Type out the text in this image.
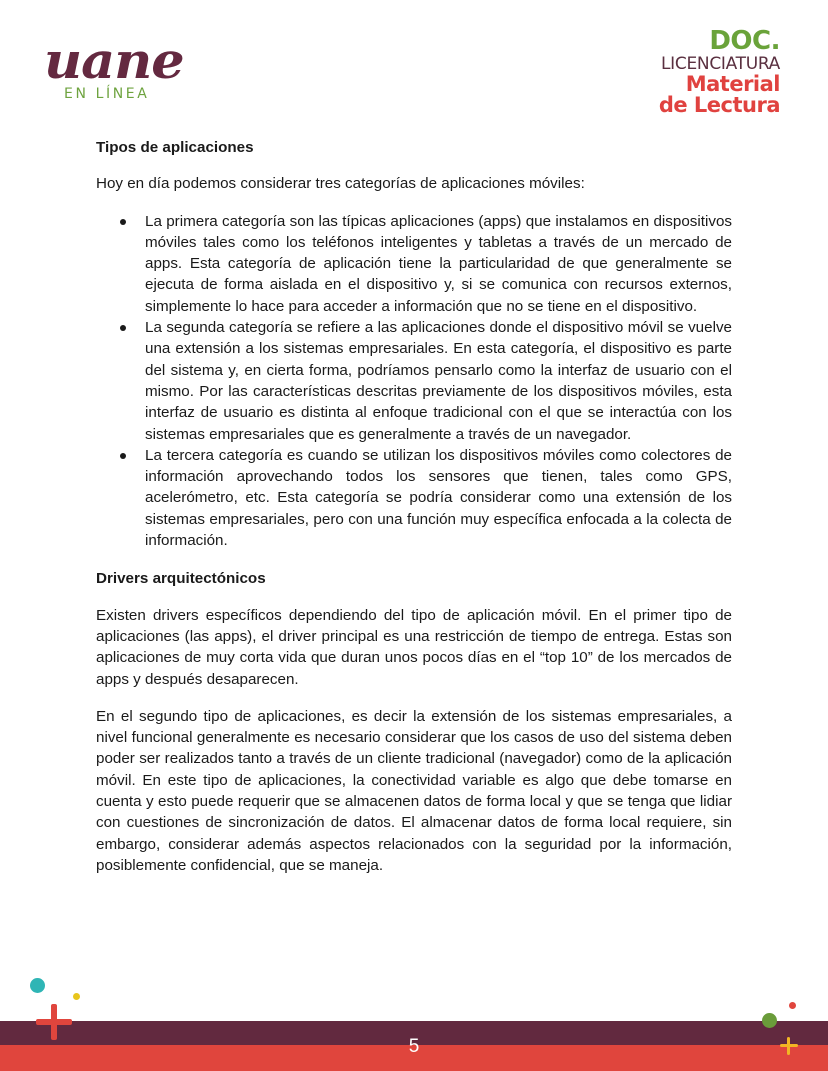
uane
EN LÍNEA
DOC.
LICENCIATURA
Material
de Lectura
Tipos de aplicaciones

Hoy en día podemos considerar tres categorías de aplicaciones móviles:

La primera categoría son las típicas aplicaciones (apps) que instalamos en dispositivos móviles tales como los teléfonos inteligentes y tabletas a través de un mercado de apps. Esta categoría de aplicación tiene la particularidad de que generalmente se ejecuta de forma aislada en el dispositivo y, si se comunica con recursos externos, simplemente lo hace para acceder a información que no se tiene en el dispositivo.
La segunda categoría se refiere a las aplicaciones donde el dispositivo móvil se vuelve una extensión a los sistemas empresariales. En esta categoría, el dispositivo es parte del sistema y, en cierta forma, podríamos pensarlo como la interfaz de usuario con el mismo. Por las características descritas previamente de los dispositivos móviles, esta interfaz de usuario es distinta al enfoque tradicional con el que se interactúa con los sistemas empresariales que es generalmente a través de un navegador.
La tercera categoría es cuando se utilizan los dispositivos móviles como colectores de información aprovechando todos los sensores que tienen, tales como GPS, acelerómetro, etc. Esta categoría se podría considerar como una extensión de los sistemas empresariales, pero con una función muy específica enfocada a la colecta de información.
Drivers arquitectónicos

Existen drivers específicos dependiendo del tipo de aplicación móvil. En el primer tipo de aplicaciones (las apps), el driver principal es una restricción de tiempo de entrega. Estas son aplicaciones de muy corta vida que duran unos pocos días en el “top 10” de los mercados de apps y después desaparecen.

En el segundo tipo de aplicaciones, es decir la extensión de los sistemas empresariales, a nivel funcional generalmente es necesario considerar que los casos de uso del sistema deben poder ser realizados tanto a través de un cliente tradicional (navegador) como de la aplicación móvil. En este tipo de aplicaciones, la conectividad variable es algo que debe tomarse en cuenta y esto puede requerir que se almacenen datos de forma local y que se tenga que lidiar con cuestiones de sincronización de datos. El almacenar datos de forma local requiere, sin embargo, considerar además aspectos relacionados con la seguridad por la información, posiblemente confidencial, que se maneja.

5
